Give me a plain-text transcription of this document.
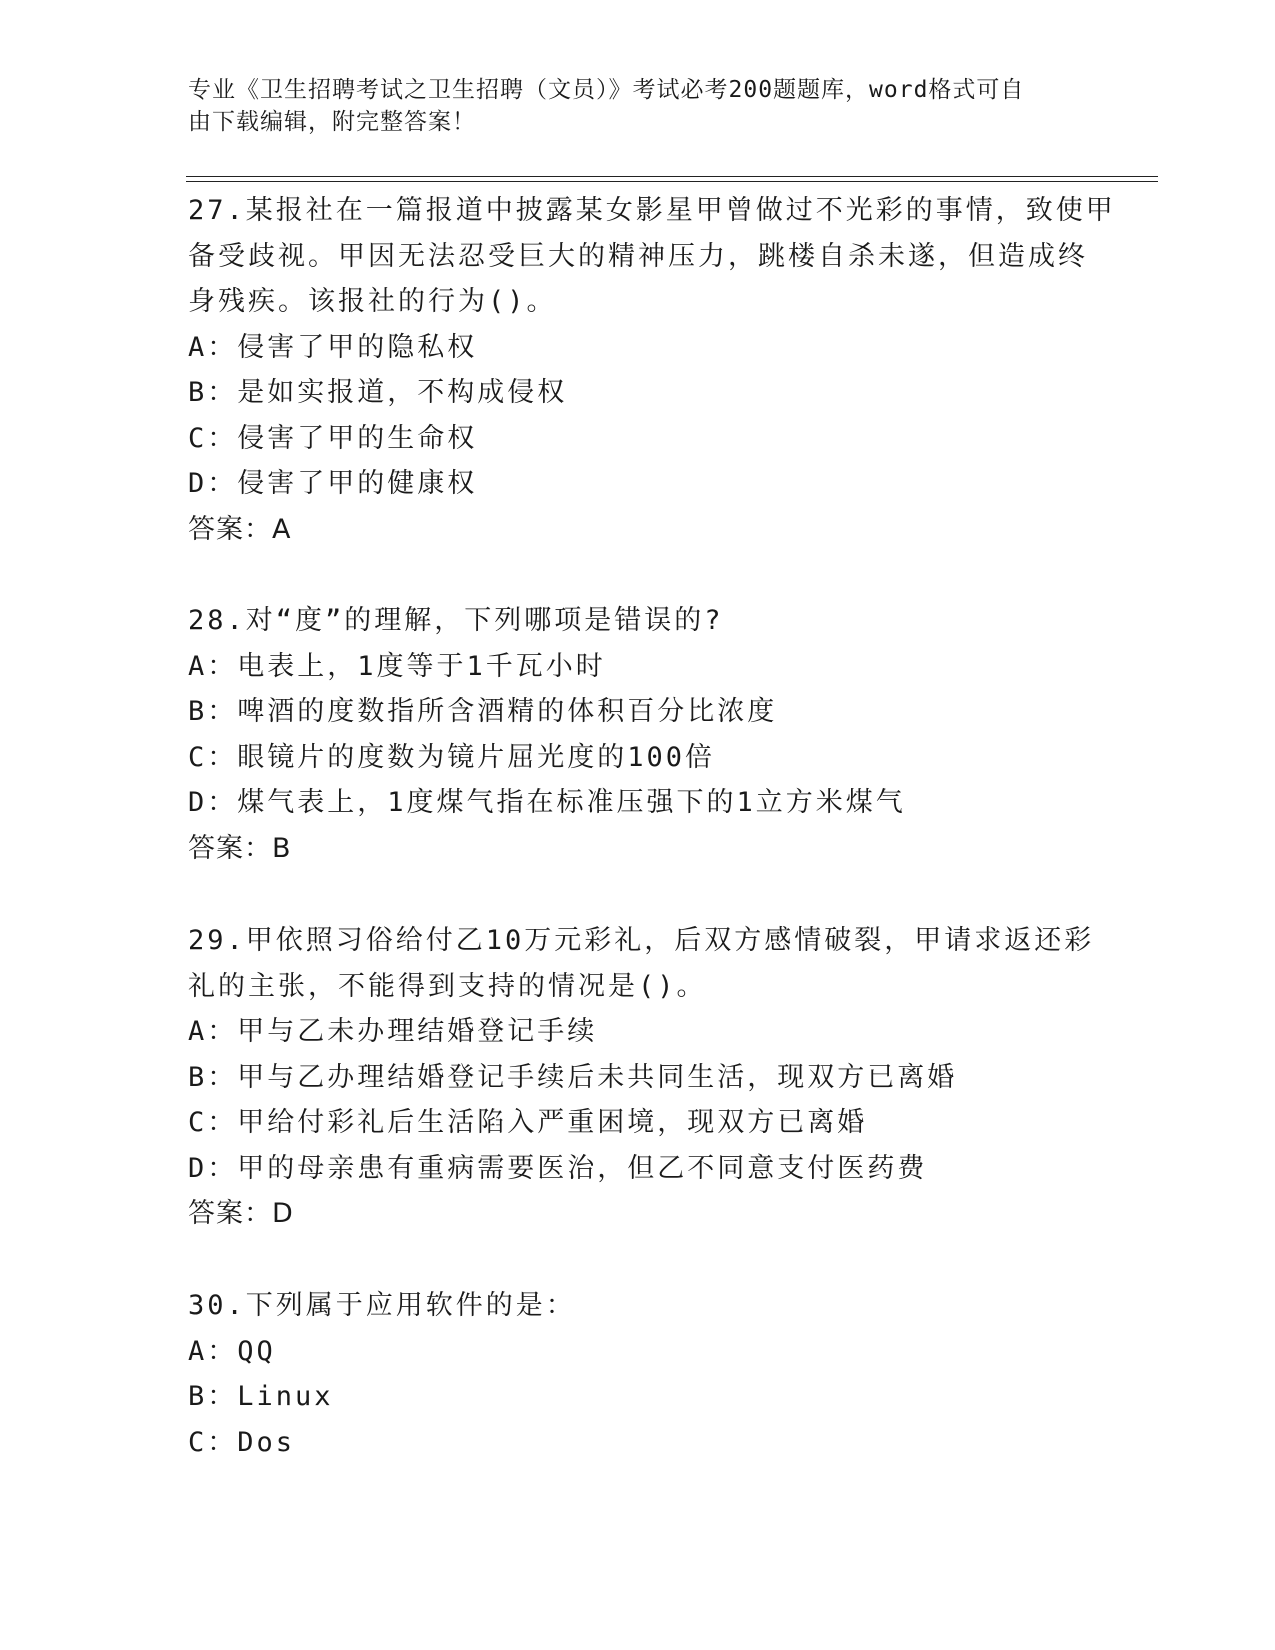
专业《卫生招聘考试之卫生招聘（文员）》考试必考200题题库，word格式可自
由下载编辑，附完整答案！
27.某报社在一篇报道中披露某女影星甲曾做过不光彩的事情，致使甲
备受歧视。甲因无法忍受巨大的精神压力，跳楼自杀未遂，但造成终
身残疾。该报社的行为()。
A：侵害了甲的隐私权
B：是如实报道，不构成侵权
C：侵害了甲的生命权
D：侵害了甲的健康权
答案：A
28.对“度”的理解，下列哪项是错误的?
A：电表上，1度等于1千瓦小时
B：啤酒的度数指所含酒精的体积百分比浓度
C：眼镜片的度数为镜片屈光度的100倍
D：煤气表上，1度煤气指在标准压强下的1立方米煤气
答案：B
29.甲依照习俗给付乙10万元彩礼，后双方感情破裂，甲请求返还彩
礼的主张，不能得到支持的情况是()。
A：甲与乙未办理结婚登记手续
B：甲与乙办理结婚登记手续后未共同生活，现双方已离婚
C：甲给付彩礼后生活陷入严重困境，现双方已离婚
D：甲的母亲患有重病需要医治，但乙不同意支付医药费
答案：D
30.下列属于应用软件的是：
A：QQ
B：Linux
C：Dos
